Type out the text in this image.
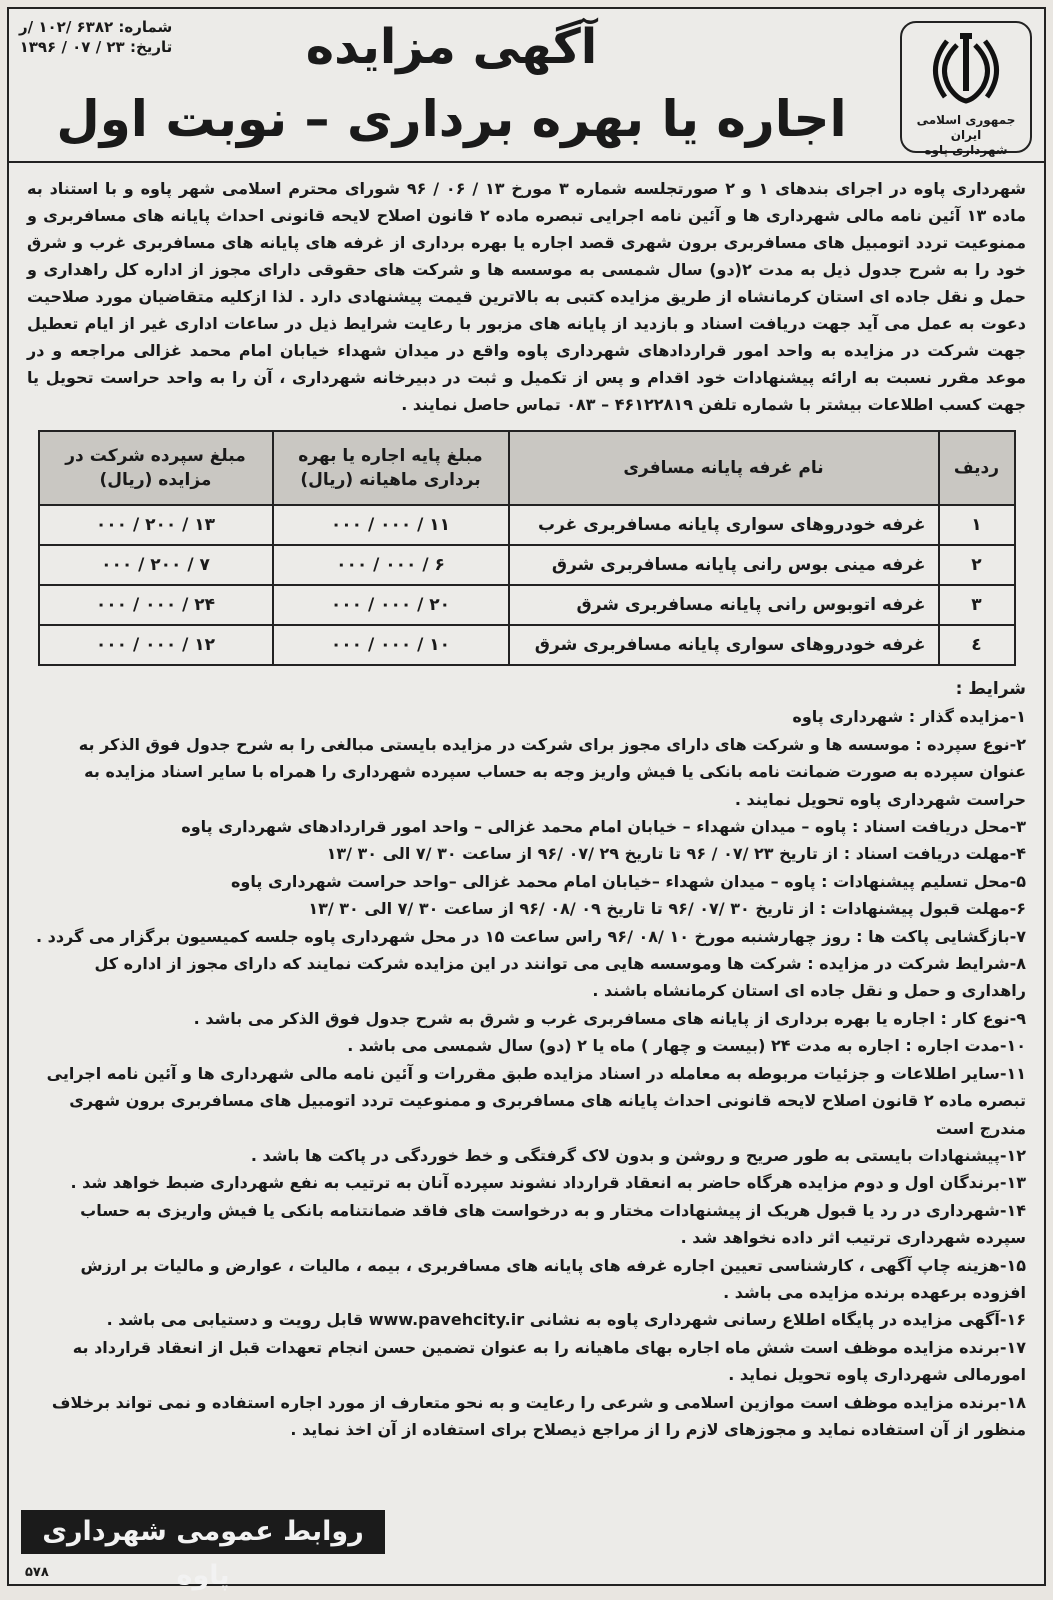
جمهوری اسلامی ایران
شهرداری پاوه
آگهی مزایده
اجاره یا بهره برداری – نوبت اول
شماره: ۶۳۸۲ /۱۰۲ /ر
تاریخ: ۲۳ / ۰۷ / ۱۳۹۶
شهرداری پاوه در اجرای بندهای ۱ و ۲ صورتجلسه شماره ۳ مورخ ۱۳ / ۰۶ / ۹۶ شورای محترم اسلامی شهر پاوه و با استناد به ماده ۱۳ آئین نامه مالی شهرداری ها و آئین نامه اجرایی تبصره ماده ۲ قانون اصلاح لایحه قانونی احداث پایانه های مسافربری و ممنوعیت تردد اتومبیل های مسافربری برون شهری قصد اجاره یا بهره برداری از غرفه های پایانه های مسافربری غرب و شرق خود را به شرح جدول ذیل به مدت ۲(دو) سال شمسی به موسسه ها و شرکت های حقوقی دارای مجوز از اداره کل راهداری و حمل و نقل جاده ای استان کرمانشاه از طریق مزایده کتبی به بالاترین قیمت پیشنهادی دارد . لذا ازکلیه متقاضیان مورد صلاحیت دعوت به عمل می آید جهت دریافت اسناد و بازدید از پایانه های مزبور با رعایت شرایط ذیل در ساعات اداری غیر از ایام تعطیل جهت شرکت در مزایده به واحد امور قراردادهای شهرداری پاوه واقع در میدان شهداء خیابان امام محمد غزالی مراجعه و در موعد مقرر نسبت به ارائه پیشنهادات خود اقدام و پس از تکمیل و ثبت در دبیرخانه شهرداری ، آن را به واحد حراست تحویل یا جهت کسب اطلاعات بیشتر با شماره تلفن ۴۶۱۲۲۸۱۹ – ۰۸۳ تماس حاصل نمایند .
ردیف	نام غرفه پایانه مسافری	مبلغ پایه اجاره یا بهره برداری ماهیانه (ریال)	مبلغ سپرده شرکت در مزایده (ریال)
۱	غرفه خودروهای سواری پایانه مسافربری غرب	۱۱ / ۰۰۰ / ۰۰۰	۱۳ / ۲۰۰ / ۰۰۰
۲	غرفه مینی بوس رانی پایانه مسافربری شرق	۶ / ۰۰۰ / ۰۰۰	۷ / ۲۰۰ / ۰۰۰
۳	غرفه اتوبوس رانی پایانه مسافربری شرق	۲۰ / ۰۰۰ / ۰۰۰	۲۴ / ۰۰۰ / ۰۰۰
٤	غرفه خودروهای سواری پایانه مسافربری شرق	۱۰ / ۰۰۰ / ۰۰۰	۱۲ / ۰۰۰ / ۰۰۰
شرایط :
۱-مزایده گذار : شهرداری پاوه
۲-نوع سپرده : موسسه ها و شرکت های دارای مجوز برای شرکت در مزایده بایستی مبالغی را به شرح جدول فوق الذکر به عنوان سپرده به صورت ضمانت نامه بانکی یا فیش واریز وجه به حساب سپرده شهرداری را همراه با سایر اسناد مزایده به حراست شهرداری پاوه تحویل نمایند .
۳-محل دریافت اسناد : پاوه – میدان شهداء – خیابان امام محمد غزالی – واحد امور قراردادهای شهرداری پاوه
۴-مهلت دریافت اسناد : از تاریخ ۲۳ /۰۷ / ۹۶ تا تاریخ ۲۹ /۰۷ /۹۶ از ساعت ۳۰ /۷ الی ۳۰ /۱۳
۵-محل تسلیم پیشنهادات : پاوه – میدان شهداء –خیابان امام محمد غزالی –واحد حراست شهرداری پاوه
۶-مهلت قبول پیشنهادات : از تاریخ ۳۰ /۰۷ /۹۶ تا تاریخ ۰۹ /۰۸ /۹۶ از ساعت ۳۰ /۷ الی ۳۰ /۱۳
۷-بازگشایی پاکت ها : روز چهارشنبه مورخ ۱۰ /۰۸ /۹۶ راس ساعت ۱۵ در محل شهرداری پاوه جلسه کمیسیون برگزار می گردد .
۸-شرایط شرکت در مزایده : شرکت ها وموسسه هایی می توانند در این مزایده شرکت نمایند که دارای مجوز از اداره کل راهداری و حمل و نقل جاده ای استان کرمانشاه باشند .
۹-نوع کار : اجاره یا بهره برداری از پایانه های مسافربری غرب و شرق به شرح جدول فوق الذکر می باشد .
۱۰-مدت اجاره : اجاره به مدت ۲۴ (بیست و چهار ) ماه یا ۲ (دو) سال شمسی می باشد .
۱۱-سایر اطلاعات و جزئیات مربوطه به معامله در اسناد مزایده طبق مقررات و آئین نامه مالی شهرداری ها و آئین نامه اجرایی تبصره ماده ۲ قانون اصلاح لایحه قانونی احداث پایانه های مسافربری و ممنوعیت تردد اتومبیل های مسافربری برون شهری مندرج است
۱۲-پیشنهادات بایستی به طور صریح و روشن و بدون لاک گرفتگی و خط خوردگی در پاکت ها باشد .
۱۳-برندگان اول و دوم مزایده هرگاه حاضر به انعقاد قرارداد نشوند سپرده آنان به ترتیب به نفع شهرداری ضبط خواهد شد .
۱۴-شهرداری در رد یا قبول هریک از پیشنهادات مختار و به درخواست های فاقد ضمانتنامه بانکی یا فیش واریزی به حساب سپرده شهرداری ترتیب اثر داده نخواهد شد .
۱۵-هزینه چاپ آگهی ، کارشناسی تعیین اجاره غرفه های پایانه های مسافربری ، بیمه ، مالیات ، عوارض و مالیات بر ارزش افزوده برعهده برنده مزایده می باشد .
۱۶-آگهی مزایده در پایگاه اطلاع رسانی شهرداری پاوه به نشانی www.pavehcity.ir قابل رویت و دستیابی می باشد .
۱۷-برنده مزایده موظف است شش ماه اجاره بهای ماهیانه را به عنوان تضمین حسن انجام تعهدات قبل از انعقاد قرارداد به امورمالی شهرداری پاوه تحویل نماید .
۱۸-برنده مزایده موظف است موازین اسلامی و شرعی را رعایت و به نحو متعارف از مورد اجاره استفاده و نمی تواند برخلاف منظور از آن استفاده نماید و مجوزهای لازم را از مراجع ذیصلاح برای استفاده از آن اخذ نماید .
روابط عمومی شهرداری پاوه
۵۷۸
